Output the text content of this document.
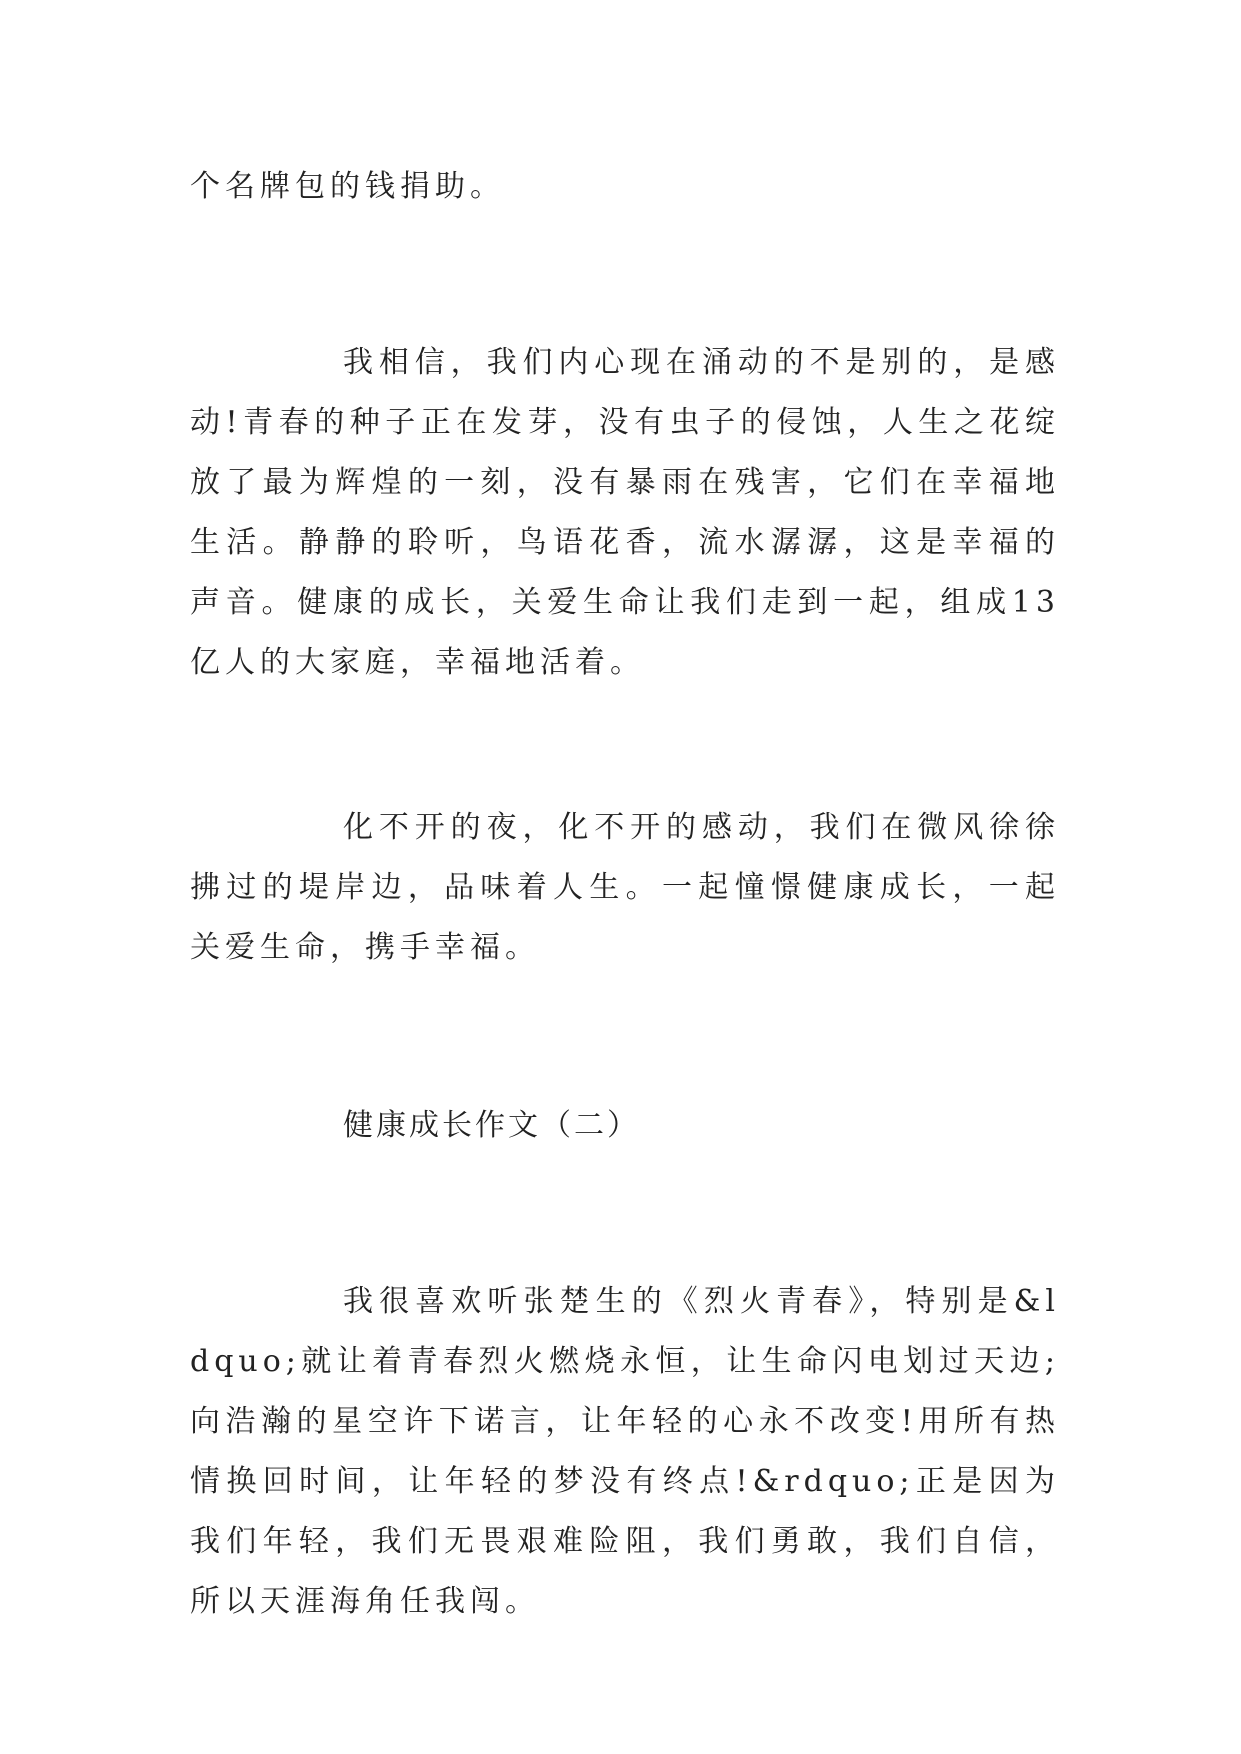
个名牌包的钱捐助。
我相信，我们内心现在涌动的不是别的，是感动!青春的种子正在发芽，没有虫子的侵蚀，人生之花绽放了最为辉煌的一刻，没有暴雨在残害，它们在幸福地生活。静静的聆听，鸟语花香，流水潺潺，这是幸福的声音。健康的成长，关爱生命让我们走到一起，组成13亿人的大家庭，幸福地活着。
化不开的夜，化不开的感动，我们在微风徐徐拂过的堤岸边，品味着人生。一起憧憬健康成长，一起关爱生命，携手幸福。
健康成长作文（二）
我很喜欢听张楚生的《烈火青春》，特别是&ldquo;就让着青春烈火燃烧永恒，让生命闪电划过天边;向浩瀚的星空许下诺言，让年轻的心永不改变!用所有热情换回时间，让年轻的梦没有终点!&rdquo;正是因为我们年轻，我们无畏艰难险阻，我们勇敢，我们自信，所以天涯海角任我闯。
